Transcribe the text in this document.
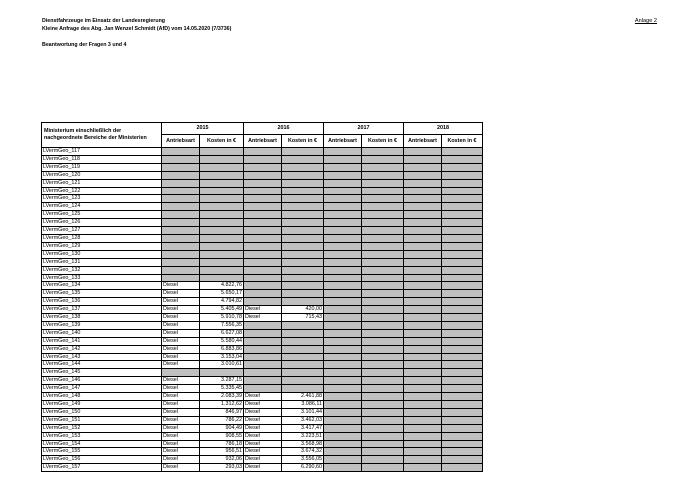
Dienstfahrzeuge im Einsatz der Landesregierung
Kleine Anfrage des Abg. Jan Wenzel Schmidt (AfD) vom 14.05.2020 (7/3736)
Beantwortung der Fragen 3 und 4
Anlage 2
Ministerium einschließlich der nachgeordnete Bereiche der Ministerien	2015		2016		2017		2018	
	Antriebsart	Kosten in €	Antriebsart	Kosten in €	Antriebsart	Kosten in €	Antriebsart	Kosten in €
LVermGeo_117								
LVermGeo_118								
LVermGeo_119								
LVermGeo_120								
LVermGeo_121								
LVermGeo_122								
LVermGeo_123								
LVermGeo_124								
LVermGeo_125								
LVermGeo_126								
LVermGeo_127								
LVermGeo_128								
LVermGeo_129								
LVermGeo_130								
LVermGeo_131								
LVermGeo_132								
LVermGeo_133								
LVermGeo_134	Diesel	4.822,76						
LVermGeo_135	Diesel	5.650,17						
LVermGeo_136	Diesel	4.794,82						
LVermGeo_137	Diesel	5.405,49	Diesel	420,00				
LVermGeo_138	Diesel	5.910,78	Diesel	715,43				
LVermGeo_139	Diesel	7.556,35						
LVermGeo_140	Diesel	6.627,08						
LVermGeo_141	Diesel	5.580,44						
LVermGeo_142	Diesel	6.883,86						
LVermGeo_143	Diesel	3.153,04						
LVermGeo_144	Diesel	3.010,61						
LVermGeo_145								
LVermGeo_146	Diesel	3.287,15						
LVermGeo_147	Diesel	5.335,45						
LVermGeo_148	Diesel	2.083,39	Diesel	2.461,88				
LVermGeo_149	Diesel	1.312,62	Diesel	3.086,11				
LVermGeo_150	Diesel	846,97	Diesel	3.101,44				
LVermGeo_151	Diesel	786,22	Diesel	3.462,03				
LVermGeo_152	Diesel	904,49	Diesel	3.417,47				
LVermGeo_153	Diesel	908,55	Diesel	3.223,51				
LVermGeo_154	Diesel	786,18	Diesel	3.568,98				
LVermGeo_155	Diesel	956,51	Diesel	3.674,32				
LVermGeo_156	Diesel	932,06	Diesel	3.556,05				
LVermGeo_157	Diesel	293,03	Diesel	6.290,60				
